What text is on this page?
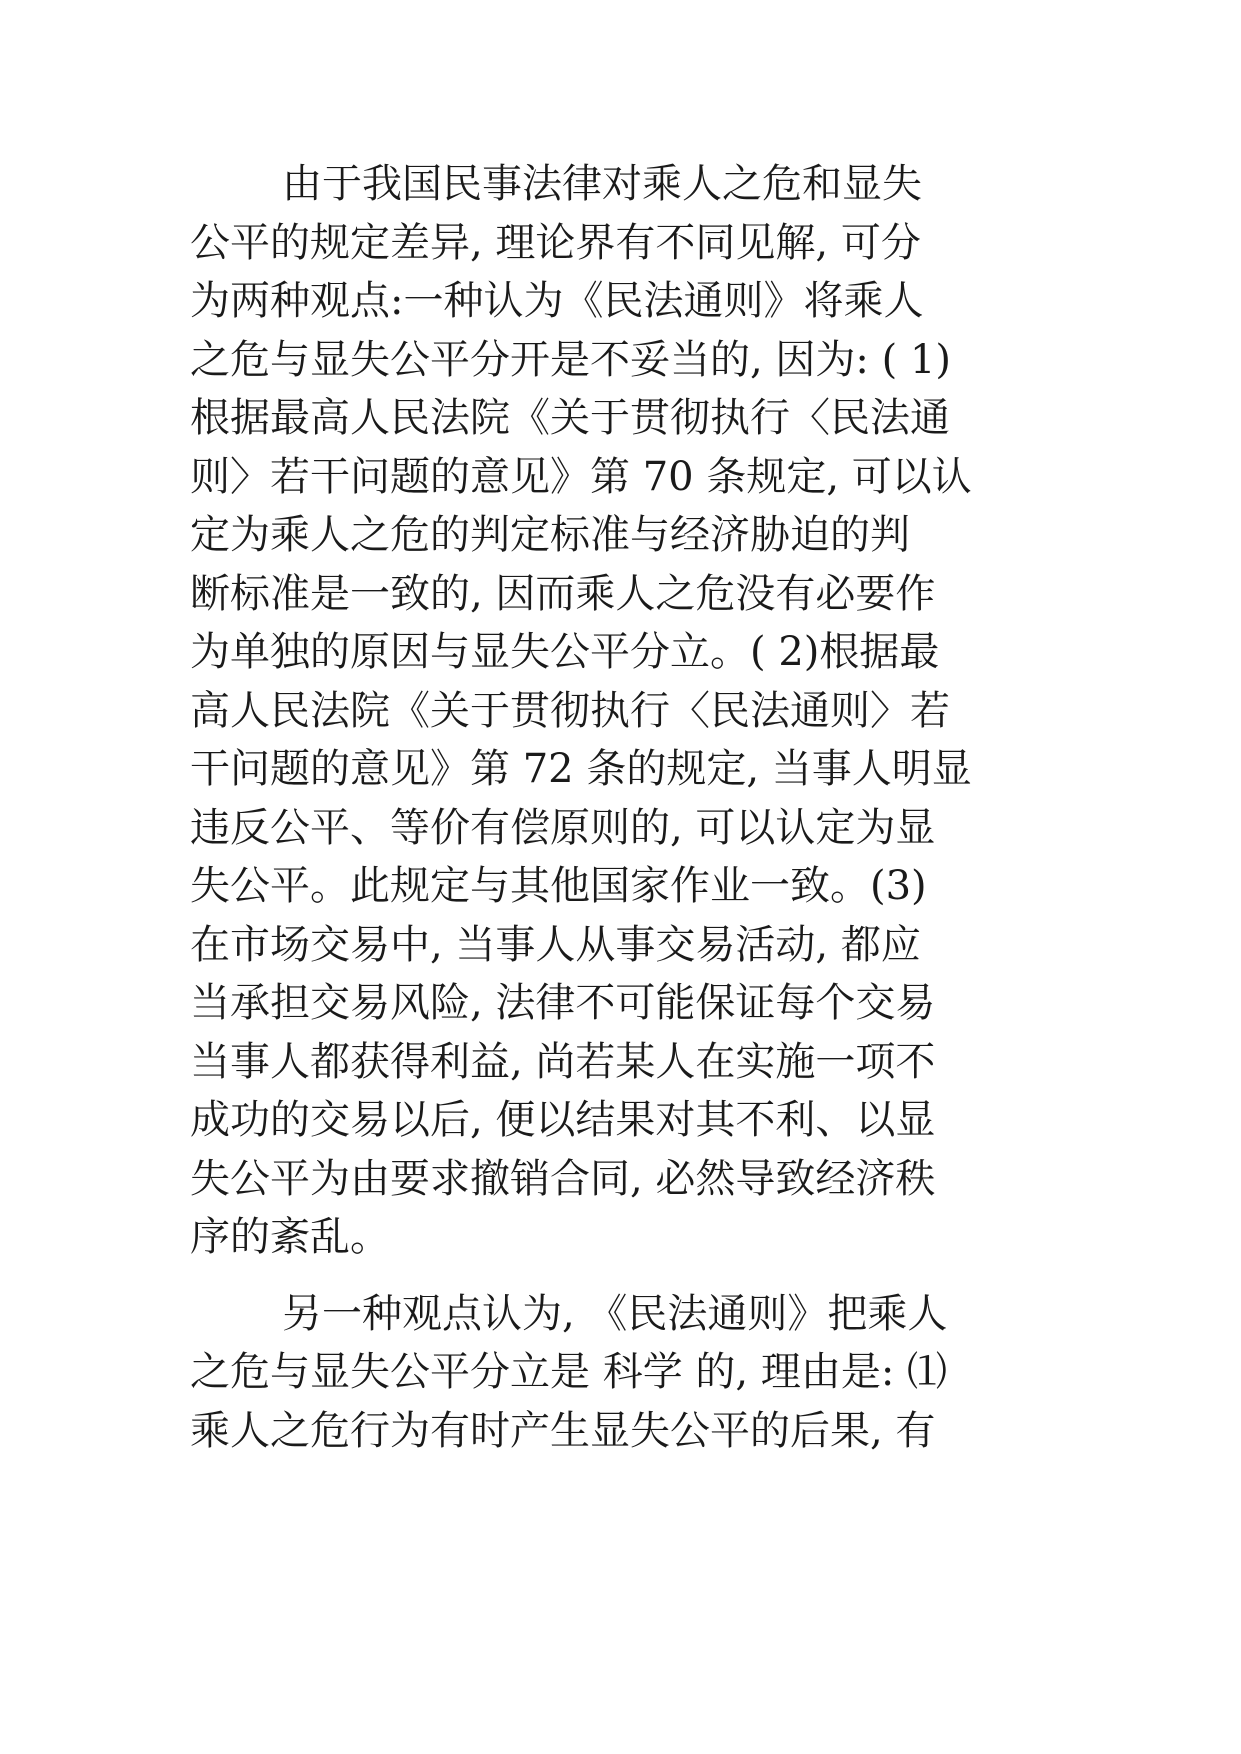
由于我国民事法律对乘人之危和显失
公平的规定差异, 理论界有不同见解, 可分
为两种观点:一种认为《民法通则》将乘人
之危与显失公平分开是不妥当的, 因为: ( 1)
根据最高人民法院《关于贯彻执行〈民法通
则〉若干问题的意见》第 70 条规定, 可以认
定为乘人之危的判定标准与经济胁迫的判
断标准是一致的, 因而乘人之危没有必要作
为单独的原因与显失公平分立。( 2)根据最
高人民法院《关于贯彻执行〈民法通则〉若
干问题的意见》第 72 条的规定, 当事人明显
违反公平、等价有偿原则的, 可以认定为显
失公平。此规定与其他国家作业一致。(3)
在市场交易中, 当事人从事交易活动, 都应
当承担交易风险, 法律不可能保证每个交易
当事人都获得利益, 尚若某人在实施一项不
成功的交易以后, 便以结果对其不利、以显
失公平为由要求撤销合同, 必然导致经济秩
序的紊乱。
另一种观点认为, 《民法通则》把乘人
之危与显失公平分立是 科学 的, 理由是: ⑴
乘人之危行为有时产生显失公平的后果, 有
